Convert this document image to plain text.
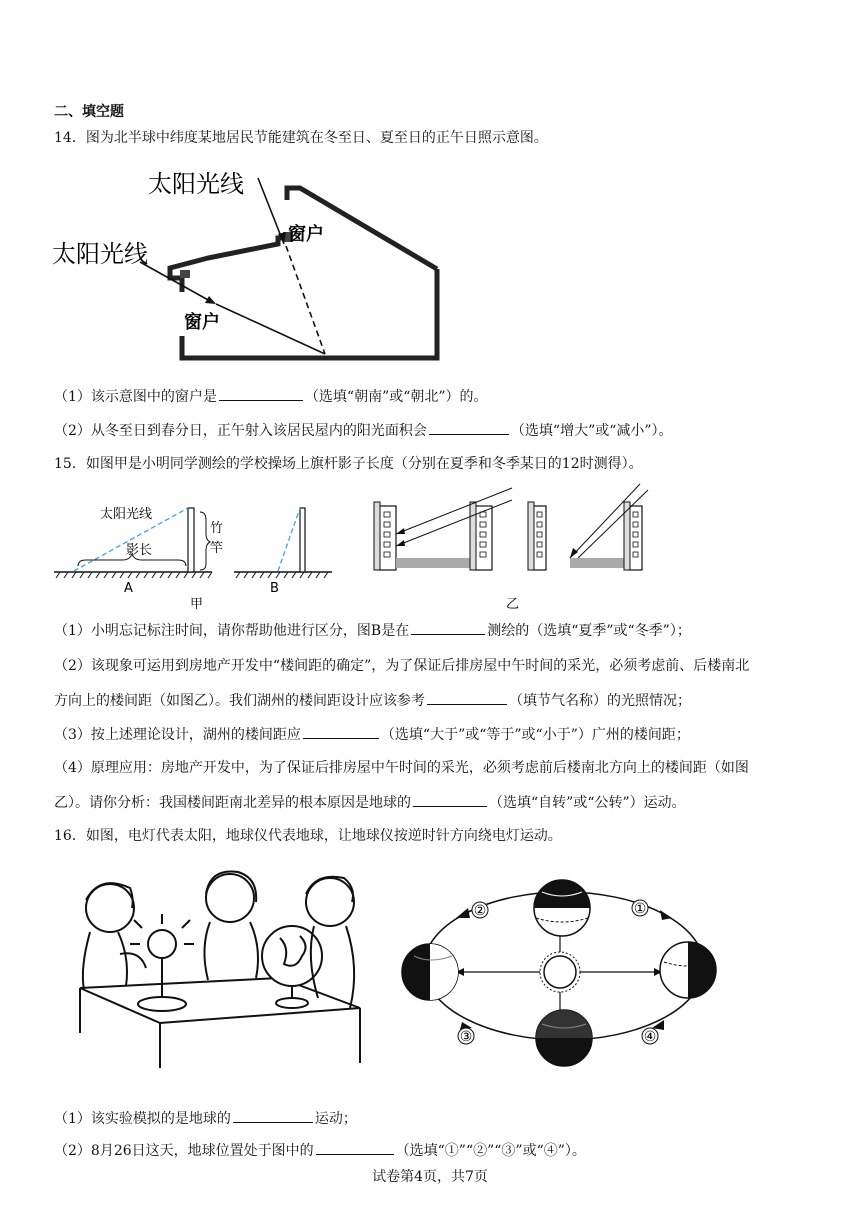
二、填空题
14．图为北半球中纬度某地居民节能建筑在冬至日、夏至日的正午日照示意图。
太阳光线
太阳光线
窗户
窗户
（1）该示意图中的窗户是	（选填“朝南”或“朝北”）的。
（2）从冬至日到春分日，正午射入该居民屋内的阳光面积会	（选填“增大”或“减小”）。
15．如图甲是小明同学测绘的学校操场上旗杆影子长度（分别在夏季和冬季某日的12时测得）。
太阳光线
影长
竹
竿
A	B
甲	乙
（1）小明忘记标注时间，请你帮助他进行区分，图B是在	测绘的（选填“夏季”或“冬季”）；
（2）该现象可运用到房地产开发中“楼间距的确定”，为了保证后排房屋中午时间的采光，必须考虑前、后楼南北
方向上的楼间距（如图乙）。我们湖州的楼间距设计应该参考	（填节气名称）的光照情况；
（3）按上述理论设计，湖州的楼间距应	（选填“大于”或“等于”或“小于”）广州的楼间距；
（4）原理应用：房地产开发中，为了保证后排房屋中午时间的采光，必须考虑前后楼南北方向上的楼间距（如图
乙）。请你分析：我国楼间距南北差异的根本原因是地球的	（选填“自转”或“公转”）运动。
16．如图，电灯代表太阳，地球仪代表地球，让地球仪按逆时针方向绕电灯运动。
①
②
③	④
（1）该实验模拟的是地球的	运动；
（2）8月26日这天，地球位置处于图中的	（选填“①”“②”“③”或“④”）。
试卷第4页，共7页
